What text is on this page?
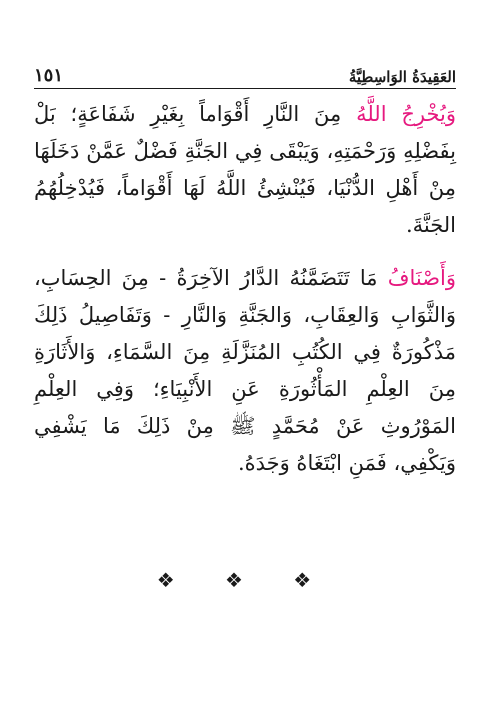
١٥١	العَقِيدَةُ الوَاسِطِيَّةُ

وَيُخْرِجُ اللَّهُ مِنَ النَّارِ أَقْوَاماً بِغَيْرِ شَفَاعَةٍ؛ بَلْ بِفَضْلِهِ وَرَحْمَتِهِ، وَيَبْقَى فِي الجَنَّةِ فَضْلٌ عَمَّنْ دَخَلَهَا مِنْ أَهْلِ الدُّنْيَا، فَيُنْشِئُ اللَّهُ لَهَا أَقْوَاماً، فَيُدْخِلُهُمُ الجَنَّةَ.

وَأَصْنَافُ مَا تَتَضَمَّنُهُ الدَّارُ الآخِرَةُ - مِنَ الحِسَابِ، وَالثَّوَابِ وَالعِقَابِ، وَالجَنَّةِ وَالنَّارِ - وَتَفَاصِيلُ ذَلِكَ مَذْكُورَةٌ فِي الكُتُبِ المُنَزَّلَةِ مِنَ السَّمَاءِ، وَالأَثَارَةِ مِنَ العِلْمِ المَأْثُورَةِ عَنِ الأَنْبِيَاءِ؛ وَفِي العِلْمِ المَوْرُوثِ عَنْ مُحَمَّدٍ ﷺ مِنْ ذَلِكَ مَا يَشْفِي وَيَكْفِي، فَمَنِ ابْتَغَاهُ وَجَدَهُ.

❖ ❖ ❖
